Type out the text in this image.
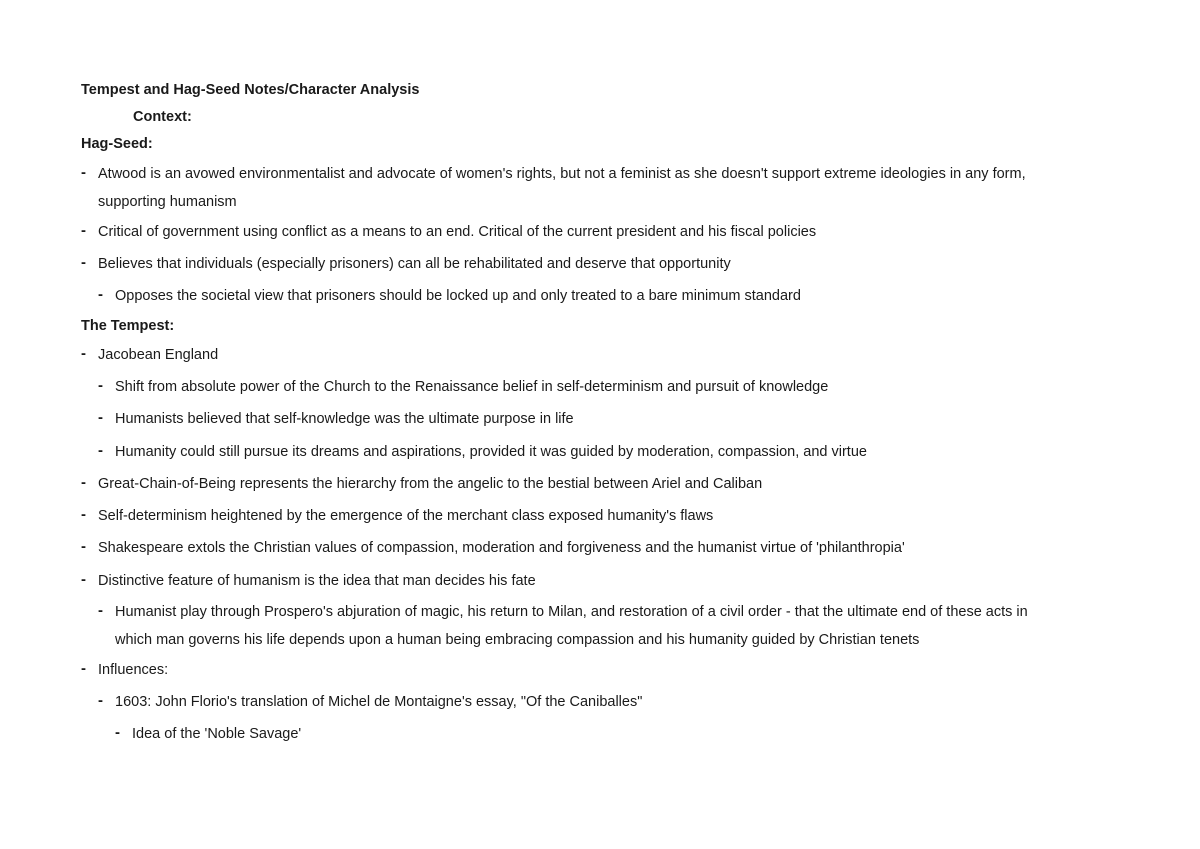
Tempest and Hag-Seed Notes/Character Analysis
Context:
Hag-Seed:
- Atwood is an avowed environmentalist and advocate of women's rights, but not a feminist as she doesn't support extreme ideologies in any form,
supporting humanism
- Critical of government using conflict as a means to an end. Critical of the current president and his fiscal policies
- Believes that individuals (especially prisoners) can all be rehabilitated and deserve that opportunity
- Opposes the societal view that prisoners should be locked up and only treated to a bare minimum standard
The Tempest:
- Jacobean England
- Shift from absolute power of the Church to the Renaissance belief in self-determinism and pursuit of knowledge
- Humanists believed that self-knowledge was the ultimate purpose in life
- Humanity could still pursue its dreams and aspirations, provided it was guided by moderation, compassion, and virtue
- Great-Chain-of-Being represents the hierarchy from the angelic to the bestial between Ariel and Caliban
- Self-determinism heightened by the emergence of the merchant class exposed humanity's flaws
- Shakespeare extols the Christian values of compassion, moderation and forgiveness and the humanist virtue of 'philanthropia'
- Distinctive feature of humanism is the idea that man decides his fate
- Humanist play through Prospero's abjuration of magic, his return to Milan, and restoration of a civil order - that the ultimate end of these acts in
which man governs his life depends upon a human being embracing compassion and his humanity guided by Christian tenets
- Influences:
- 1603: John Florio's translation of Michel de Montaigne's essay, "Of the Caniballes"
- Idea of the 'Noble Savage'
